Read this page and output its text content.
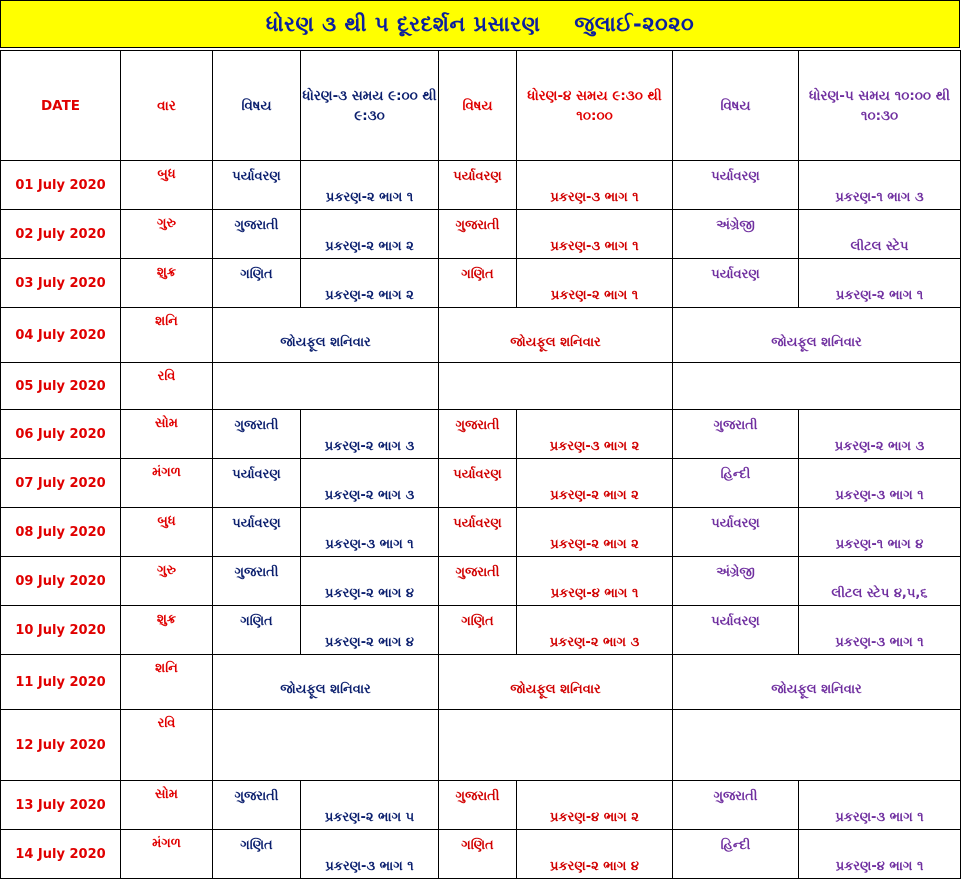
ધોરણ ૩ થી ૫ દૂરદર્શન પ્રસારણ જુલાઈ-૨૦૨૦
DATE	વાર	વિષય	ધોરણ-૩ સમય ૯:૦૦ થી ૯:૩૦	વિષય	ધોરણ-૪ સમય ૯:૩૦ થી ૧૦:૦૦	વિષય	ધોરણ-૫ સમય ૧૦:૦૦ થી ૧૦:૩૦
01 July 2020	બુધ	પર્યાવરણ	પ્રકરણ-૨ ભાગ ૧	પર્યાવરણ	પ્રકરણ-૩ ભાગ ૧	પર્યાવરણ	પ્રકરણ-૧ ભાગ ૩
02 July 2020	ગુરુ	ગુજરાતી	પ્રકરણ-૨ ભાગ ૨	ગુજરાતી	પ્રકરણ-૩ ભાગ ૧	અંગ્રેજી	લીટલ સ્ટેપ
03 July 2020	શુક્ર	ગણિત	પ્રકરણ-૨ ભાગ ૨	ગણિત	પ્રકરણ-૨ ભાગ ૧	પર્યાવરણ	પ્રકરણ-૨ ભાગ ૧
04 July 2020	શનિ	જોયફૂલ શનિવાર		જોયફૂલ શનિવાર		જોયફૂલ શનિવાર	
05 July 2020	રવિ						
06 July 2020	સોમ	ગુજરાતી	પ્રકરણ-૨ ભાગ ૩	ગુજરાતી	પ્રકરણ-૩ ભાગ ૨	ગુજરાતી	પ્રકરણ-૨ ભાગ ૩
07 July 2020	મંગળ	પર્યાવરણ	પ્રકરણ-૨ ભાગ ૩	પર્યાવરણ	પ્રકરણ-૨ ભાગ ૨	હિન્દી	પ્રકરણ-૩ ભાગ ૧
08 July 2020	બુધ	પર્યાવરણ	પ્રકરણ-૩ ભાગ ૧	પર્યાવરણ	પ્રકરણ-૨ ભાગ ૨	પર્યાવરણ	પ્રકરણ-૧ ભાગ ૪
09 July 2020	ગુરુ	ગુજરાતી	પ્રકરણ-૨ ભાગ ૪	ગુજરાતી	પ્રકરણ-૪ ભાગ ૧	અંગ્રેજી	લીટલ સ્ટેપ ૪,૫,૬
10 July 2020	શુક્ર	ગણિત	પ્રકરણ-૨ ભાગ ૪	ગણિત	પ્રકરણ-૨ ભાગ ૩	પર્યાવરણ	પ્રકરણ-૩ ભાગ ૧
11 July 2020	શનિ	જોયફૂલ શનિવાર		જોયફૂલ શનિવાર		જોયફૂલ શનિવાર	
12 July 2020	રવિ						
13 July 2020	સોમ	ગુજરાતી	પ્રકરણ-૨ ભાગ ૫	ગુજરાતી	પ્રકરણ-૪ ભાગ ૨	ગુજરાતી	પ્રકરણ-૩ ભાગ ૧
14 July 2020	મંગળ	ગણિત	પ્રકરણ-૩ ભાગ ૧	ગણિત	પ્રકરણ-૨ ભાગ ૪	હિન્દી	પ્રકરણ-૪ ભાગ ૧
